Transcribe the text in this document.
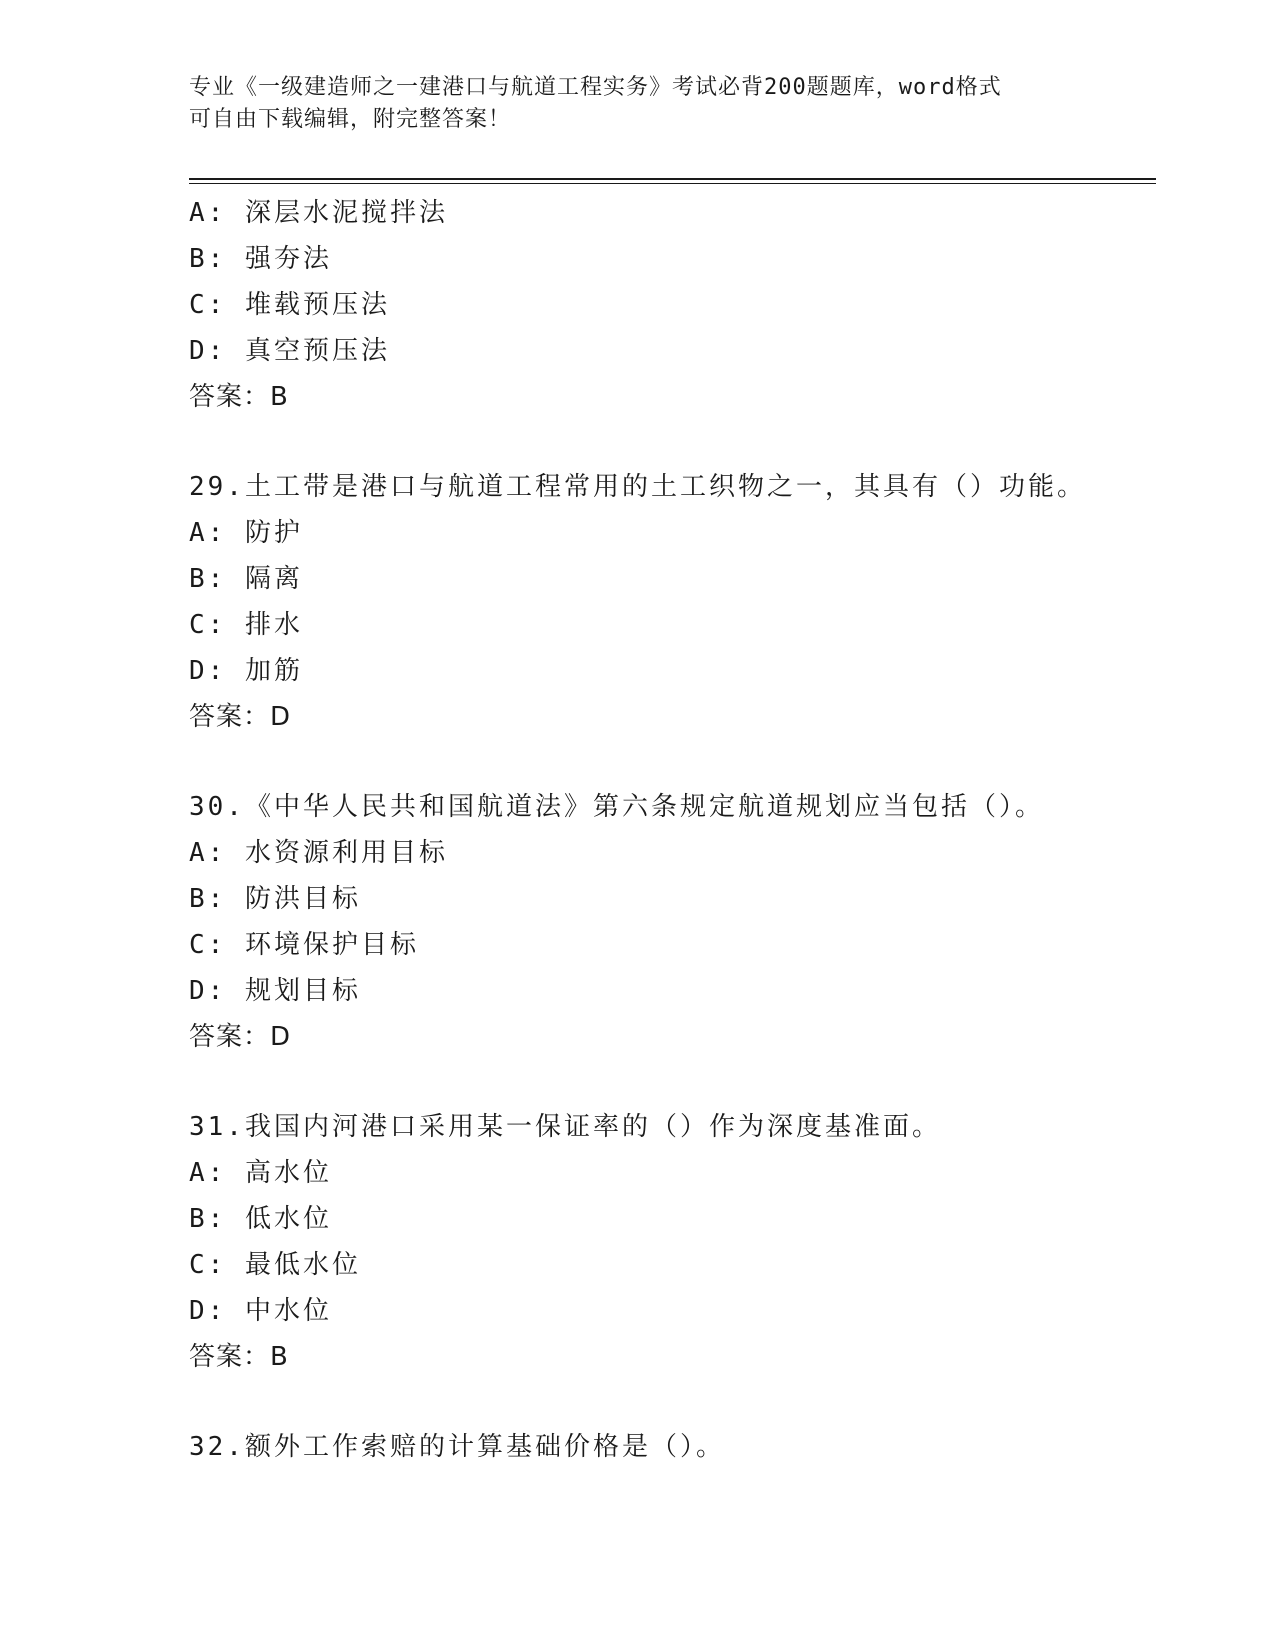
专业《一级建造师之一建港口与航道工程实务》考试必背200题题库，word格式
可自由下载编辑，附完整答案！
A: 深层水泥搅拌法
B: 强夯法
C: 堆载预压法
D: 真空预压法
答案：B
29.土工带是港口与航道工程常用的土工织物之一，其具有（）功能。
A: 防护
B: 隔离
C: 排水
D: 加筋
答案：D
30.《中华人民共和国航道法》第六条规定航道规划应当包括（）。
A: 水资源利用目标
B: 防洪目标
C: 环境保护目标
D: 规划目标
答案：D
31.我国内河港口采用某一保证率的（）作为深度基准面。
A: 高水位
B: 低水位
C: 最低水位
D: 中水位
答案：B
32.额外工作索赔的计算基础价格是（）。
